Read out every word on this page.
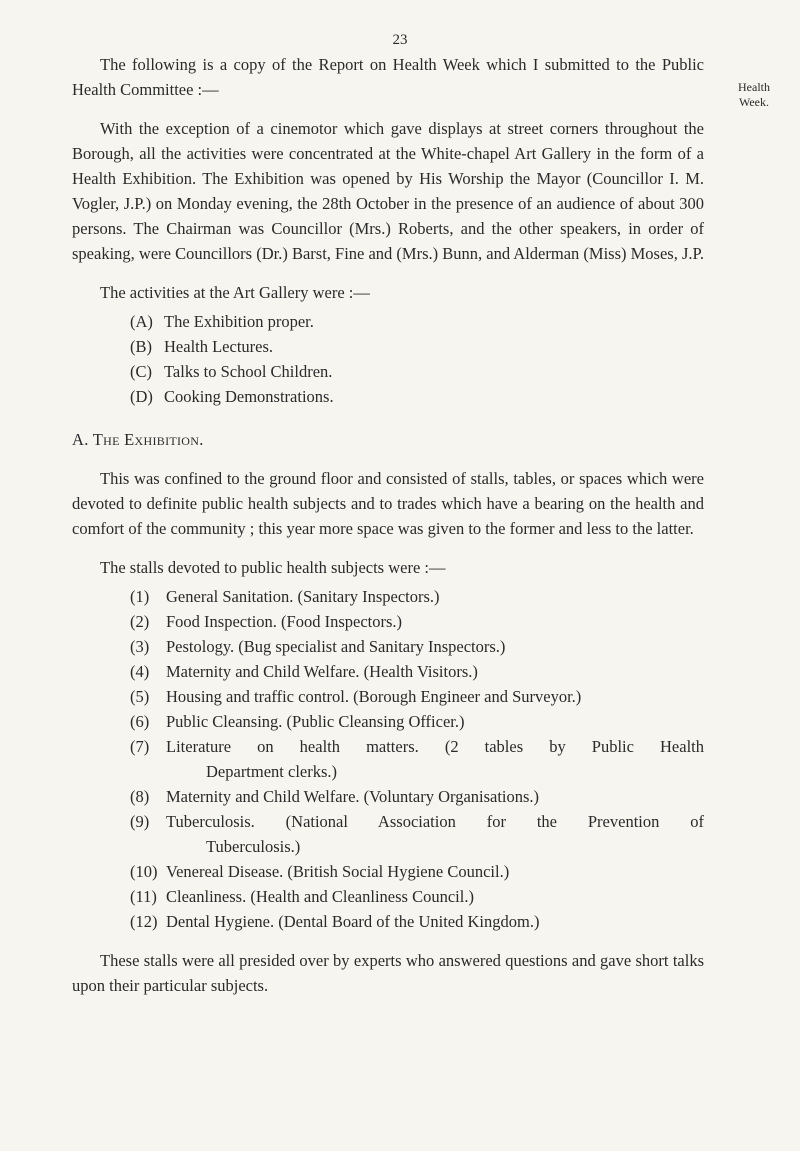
23
Health
Week.

The following is a copy of the Report on Health Week which I submitted to the Public Health Committee :—

With the exception of a cinemotor which gave displays at street corners throughout the Borough, all the activities were concentrated at the White-chapel Art Gallery in the form of a Health Exhibition. The Exhibition was opened by His Worship the Mayor (Councillor I. M. Vogler, J.P.) on Monday evening, the 28th October in the presence of an audience of about 300 persons. The Chairman was Councillor (Mrs.) Roberts, and the other speakers, in order of speaking, were Councillors (Dr.) Barst, Fine and (Mrs.) Bunn, and Alderman (Miss) Moses, J.P.

The activities at the Art Gallery were :—

(A) The Exhibition proper.
(B) Health Lectures.
(C) Talks to School Children.
(D) Cooking Demonstrations.

A. The Exhibition.

This was confined to the ground floor and consisted of stalls, tables, or spaces which were devoted to definite public health subjects and to trades which have a bearing on the health and comfort of the community ; this year more space was given to the former and less to the latter.

The stalls devoted to public health subjects were :—

(1)	General Sanitation. (Sanitary Inspectors.)
(2)	Food Inspection. (Food Inspectors.)
(3)	Pestology. (Bug specialist and Sanitary Inspectors.)
(4)	Maternity and Child Welfare. (Health Visitors.)
(5)	Housing and traffic control. (Borough Engineer and Surveyor.)
(6)	Public Cleansing. (Public Cleansing Officer.)
(7)	Literature on health matters. (2 tables by Public Health
Department clerks.)
(8)	Maternity and Child Welfare. (Voluntary Organisations.)
(9)	Tuberculosis. (National Association for the Prevention of
Tuberculosis.)
(10) Venereal Disease. (British Social Hygiene Council.)
(11) Cleanliness. (Health and Cleanliness Council.)
(12) Dental Hygiene. (Dental Board of the United Kingdom.)

These stalls were all presided over by experts who answered questions and gave short talks upon their particular subjects.
